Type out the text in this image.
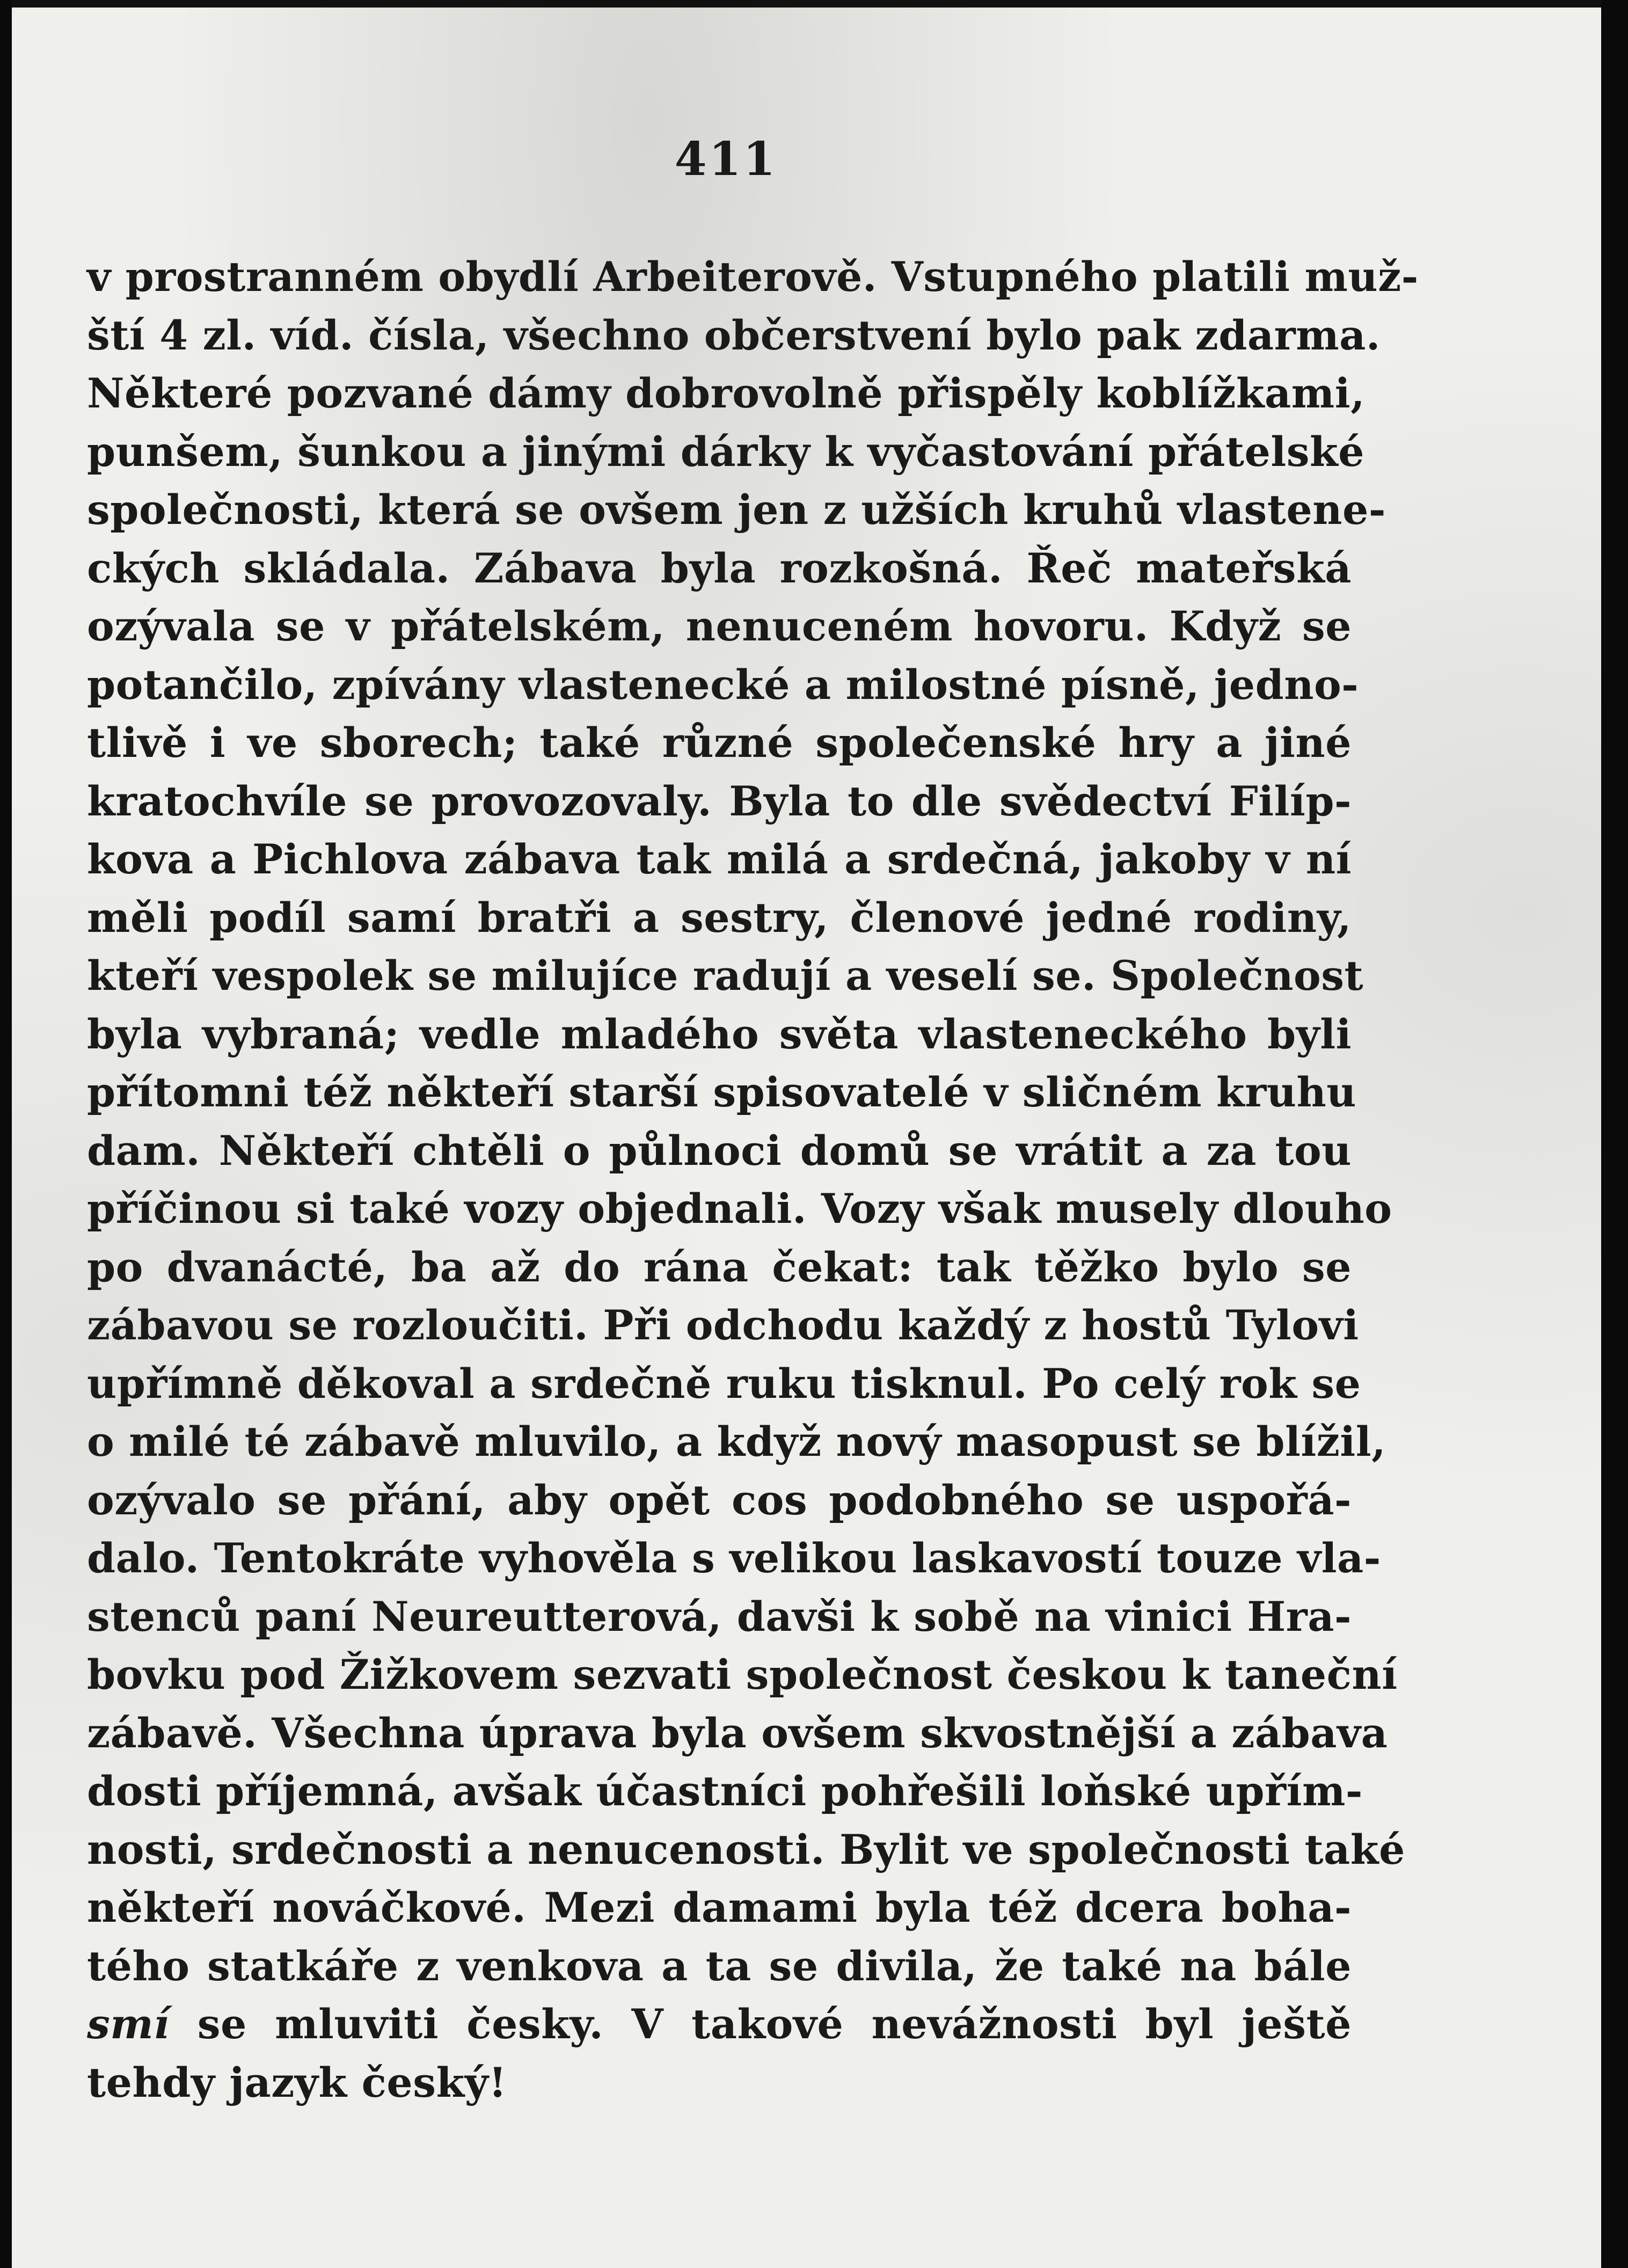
411
v prostranném obydlí Arbeiterově. Vstupného platili muž-
ští 4 zl. víd. čísla, všechno občerstvení bylo pak zdarma.
Některé pozvané dámy dobrovolně přispěly koblížkami,
punšem, šunkou a jinými dárky k vyčastování přátelské
společnosti, která se ovšem jen z užších kruhů vlastene-
ckých skládala. Zábava byla rozkošná. Řeč mateřská
ozývala se v přátelském, nenuceném hovoru. Když se
potančilo, zpívány vlastenecké a milostné písně, jedno-
tlivě i ve sborech; také různé společenské hry a jiné
kratochvíle se provozovaly. Byla to dle svědectví Filíp-
kova a Pichlova zábava tak milá a srdečná, jakoby v ní
měli podíl samí bratři a sestry, členové jedné rodiny,
kteří vespolek se milujíce radují a veselí se. Společnost
byla vybraná; vedle mladého světa vlasteneckého byli
přítomni též někteří starší spisovatelé v sličném kruhu
dam. Někteří chtěli o půlnoci domů se vrátit a za tou
příčinou si také vozy objednali. Vozy však musely dlouho
po dvanácté, ba až do rána čekat: tak těžko bylo se
zábavou se rozloučiti. Při odchodu každý z hostů Tylovi
upřímně děkoval a srdečně ruku tisknul. Po celý rok se
o milé té zábavě mluvilo, a když nový masopust se blížil,
ozývalo se přání, aby opět cos podobného se uspořá-
dalo. Tentokráte vyhověla s velikou laskavostí touze vla-
stenců paní Neureutterová, davši k sobě na vinici Hra-
bovku pod Žižkovem sezvati společnost českou k taneční
zábavě. Všechna úprava byla ovšem skvostnější a zábava
dosti příjemná, avšak účastníci pohřešili loňské upřím-
nosti, srdečnosti a nenucenosti. Bylit ve společnosti také
někteří nováčkové. Mezi damami byla též dcera boha-
tého statkáře z venkova a ta se divila, že také na bále
smí se mluviti česky. V takové nevážnosti byl ještě
tehdy jazyk český!
